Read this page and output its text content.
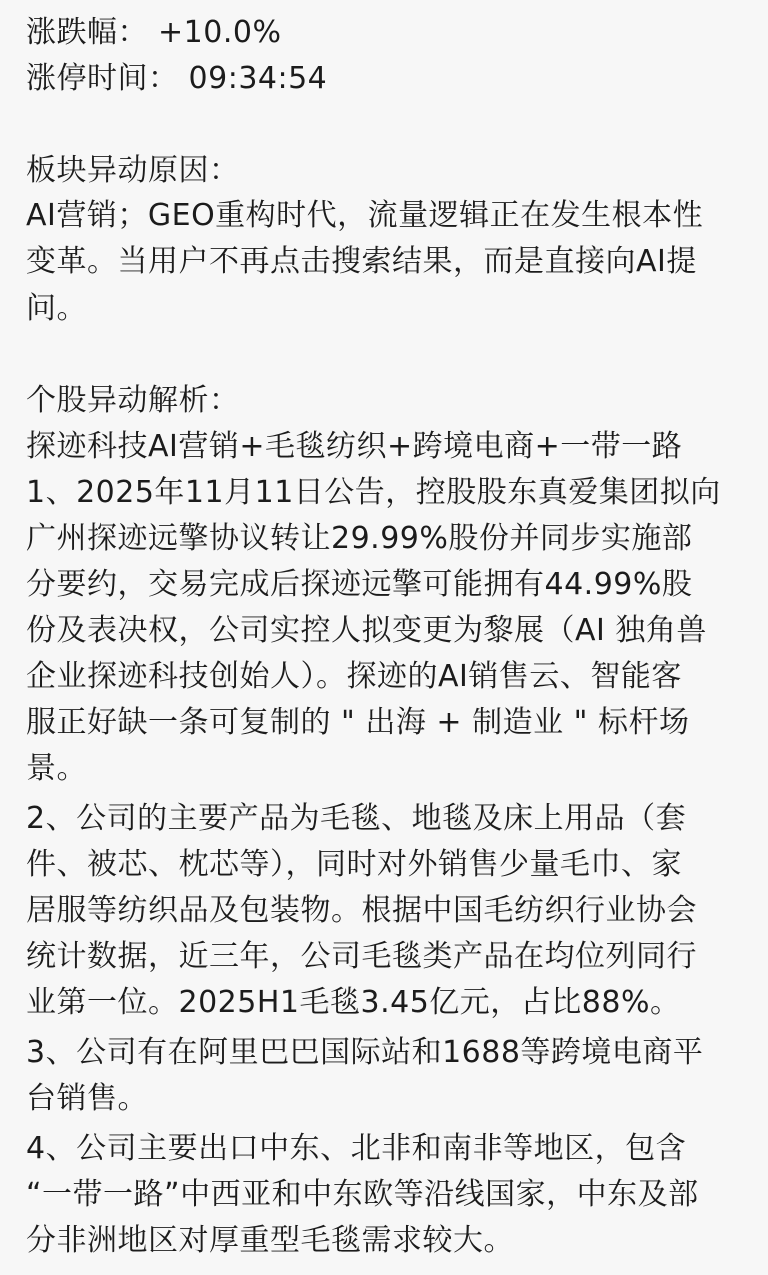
涨跌幅： +10.0%
涨停时间： 09:34:54
板块异动原因：
AI营销；GEO重构时代，流量逻辑正在发生根本性
变革。当用户不再点击搜索结果，而是直接向AI提
问。
个股异动解析：
探迹科技AI营销+毛毯纺织+跨境电商+一带一路
1、2025年11月11日公告，控股股东真爱集团拟向
广州探迹远擎协议转让29.99%股份并同步实施部
分要约，交易完成后探迹远擎可能拥有44.99%股
份及表决权，公司实控人拟变更为黎展（AI 独角兽
企业探迹科技创始人）。探迹的AI销售云、智能客
服正好缺一条可复制的 " 出海 + 制造业 " 标杆场
景。
2、公司的主要产品为毛毯、地毯及床上用品（套
件、被芯、枕芯等），同时对外销售少量毛巾、家
居服等纺织品及包装物。根据中国毛纺织行业协会
统计数据，近三年，公司毛毯类产品在均位列同行
业第一位。2025H1毛毯3.45亿元，占比88%。
3、公司有在阿里巴巴国际站和1688等跨境电商平
台销售。
4、公司主要出口中东、北非和南非等地区，包含
“一带一路”中西亚和中东欧等沿线国家，中东及部
分非洲地区对厚重型毛毯需求较大。
